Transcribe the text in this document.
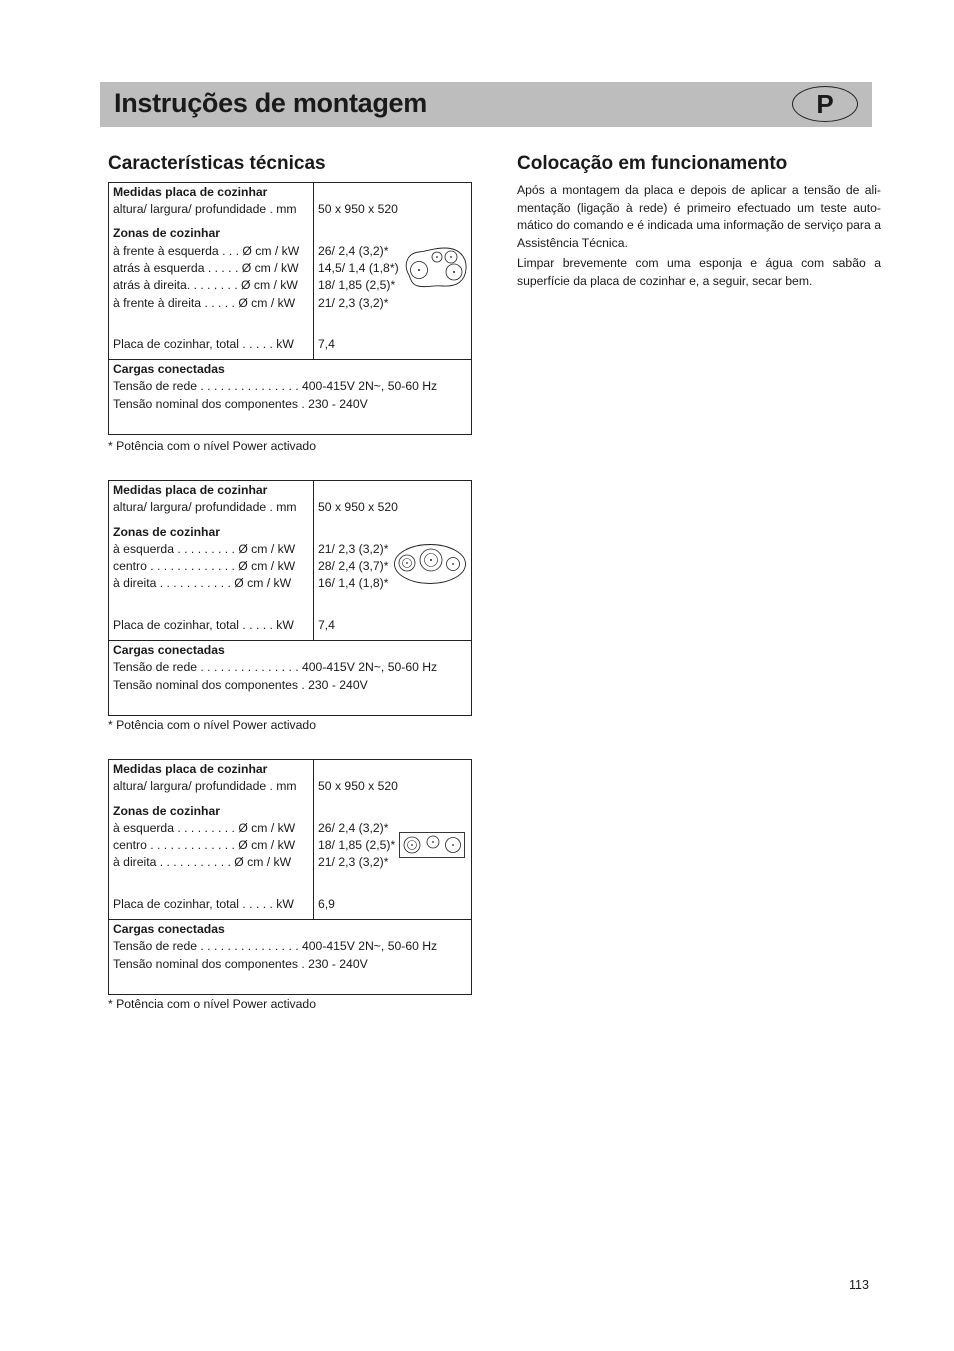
Instruções de montagem	P
Características técnicas	Colocação em funcionamento

Após a montagem da placa e depois de aplicar a tensão de ali-mentação (ligação à rede) é primeiro efectuado um teste auto-mático do comando e é indicada uma informação de serviço para a Assistência Técnica.

Limpar brevemente com uma esponja e água com sabão a superfície da placa de cozinhar e, a seguir, secar bem.

Medidas placa de cozinhar
altura/ largura/ profundidade . mm 50 x 950 x 520
Zonas de cozinhar
à frente à esquerda . . . Ø cm / kW 26/ 2,4 (3,2)*
atrás à esquerda . . . . . Ø cm / kW 14,5/ 1,4 (1,8*)
atrás à direita. . . . . . . . Ø cm / kW 18/ 1,85 (2,5)*
à frente à direita . . . . . Ø cm / kW 21/ 2,3 (3,2)*
Placa de cozinhar, total . . . . . kW 7,4
Cargas conectadas
Tensão de rede . . . . . . . . . . . . . . . 400-415V 2N~, 50-60 Hz
Tensão nominal dos componentes . 230 - 240V
* Potência com o nível Power activado
Medidas placa de cozinhar
altura/ largura/ profundidade . mm 50 x 950 x 520
Zonas de cozinhar
à esquerda . . . . . . . . . Ø cm / kW 21/ 2,3 (3,2)*
centro . . . . . . . . . . . . . Ø cm / kW 28/ 2,4 (3,7)*
à direita . . . . . . . . . . . Ø cm / kW 16/ 1,4 (1,8)*
Placa de cozinhar, total . . . . . kW 7,4
Cargas conectadas
Tensão de rede . . . . . . . . . . . . . . . 400-415V 2N~, 50-60 Hz
Tensão nominal dos componentes . 230 - 240V
* Potência com o nível Power activado
Medidas placa de cozinhar
altura/ largura/ profundidade . mm 50 x 950 x 520
Zonas de cozinhar
à esquerda . . . . . . . . . Ø cm / kW 26/ 2,4 (3,2)*
centro . . . . . . . . . . . . . Ø cm / kW 18/ 1,85 (2,5)*
à direita . . . . . . . . . . . Ø cm / kW 21/ 2,3 (3,2)*
Placa de cozinhar, total . . . . . kW 6,9
Cargas conectadas
Tensão de rede . . . . . . . . . . . . . . . 400-415V 2N~, 50-60 Hz
Tensão nominal dos componentes . 230 - 240V
* Potência com o nível Power activado
113
